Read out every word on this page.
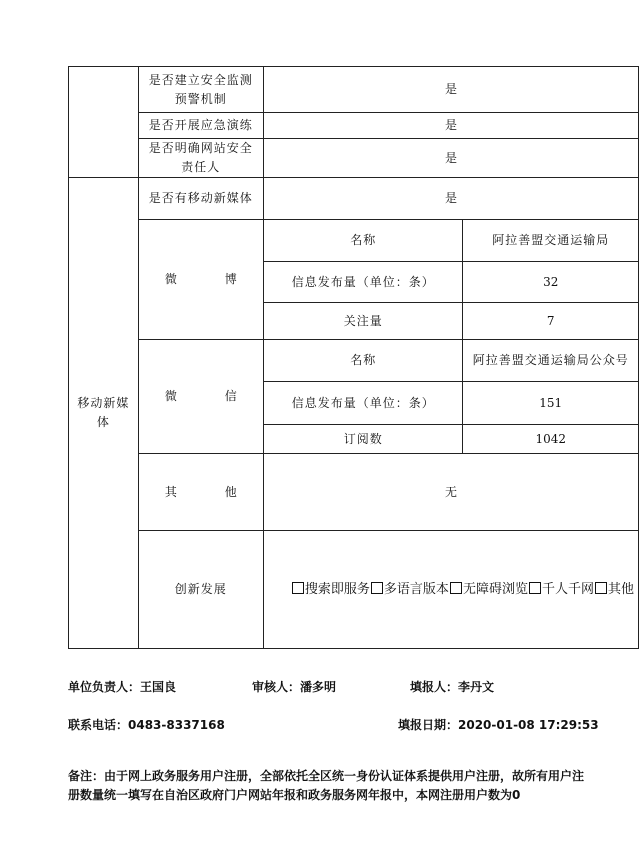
	是否建立安全监测预警机制	是	
	是否开展应急演练	是	
	是否明确网站安全责任人	是	
移动新媒体	是否有移动新媒体	是	
	微 博	名称	阿拉善盟交通运输局
		信息发布量（单位：条）	32
		关注量	7
	微 信	名称	阿拉善盟交通运输局公众号
		信息发布量（单位：条）	151
		订阅数	1042
	其 他	无	
	创新发展	搜索即服务 多语言版本 无障碍浏览 千人千网 其他	
单位负责人：王国良	审核人：潘多明	填报人：李丹文
联系电话：0483-8337168	填报日期：2020-01-08 17:29:53
备注：由于网上政务服务用户注册，全部依托全区统一身份认证体系提供用户注册，故所有用户注册数量统一填写在自治区政府门户网站年报和政务服务网年报中，本网注册用户数为0
